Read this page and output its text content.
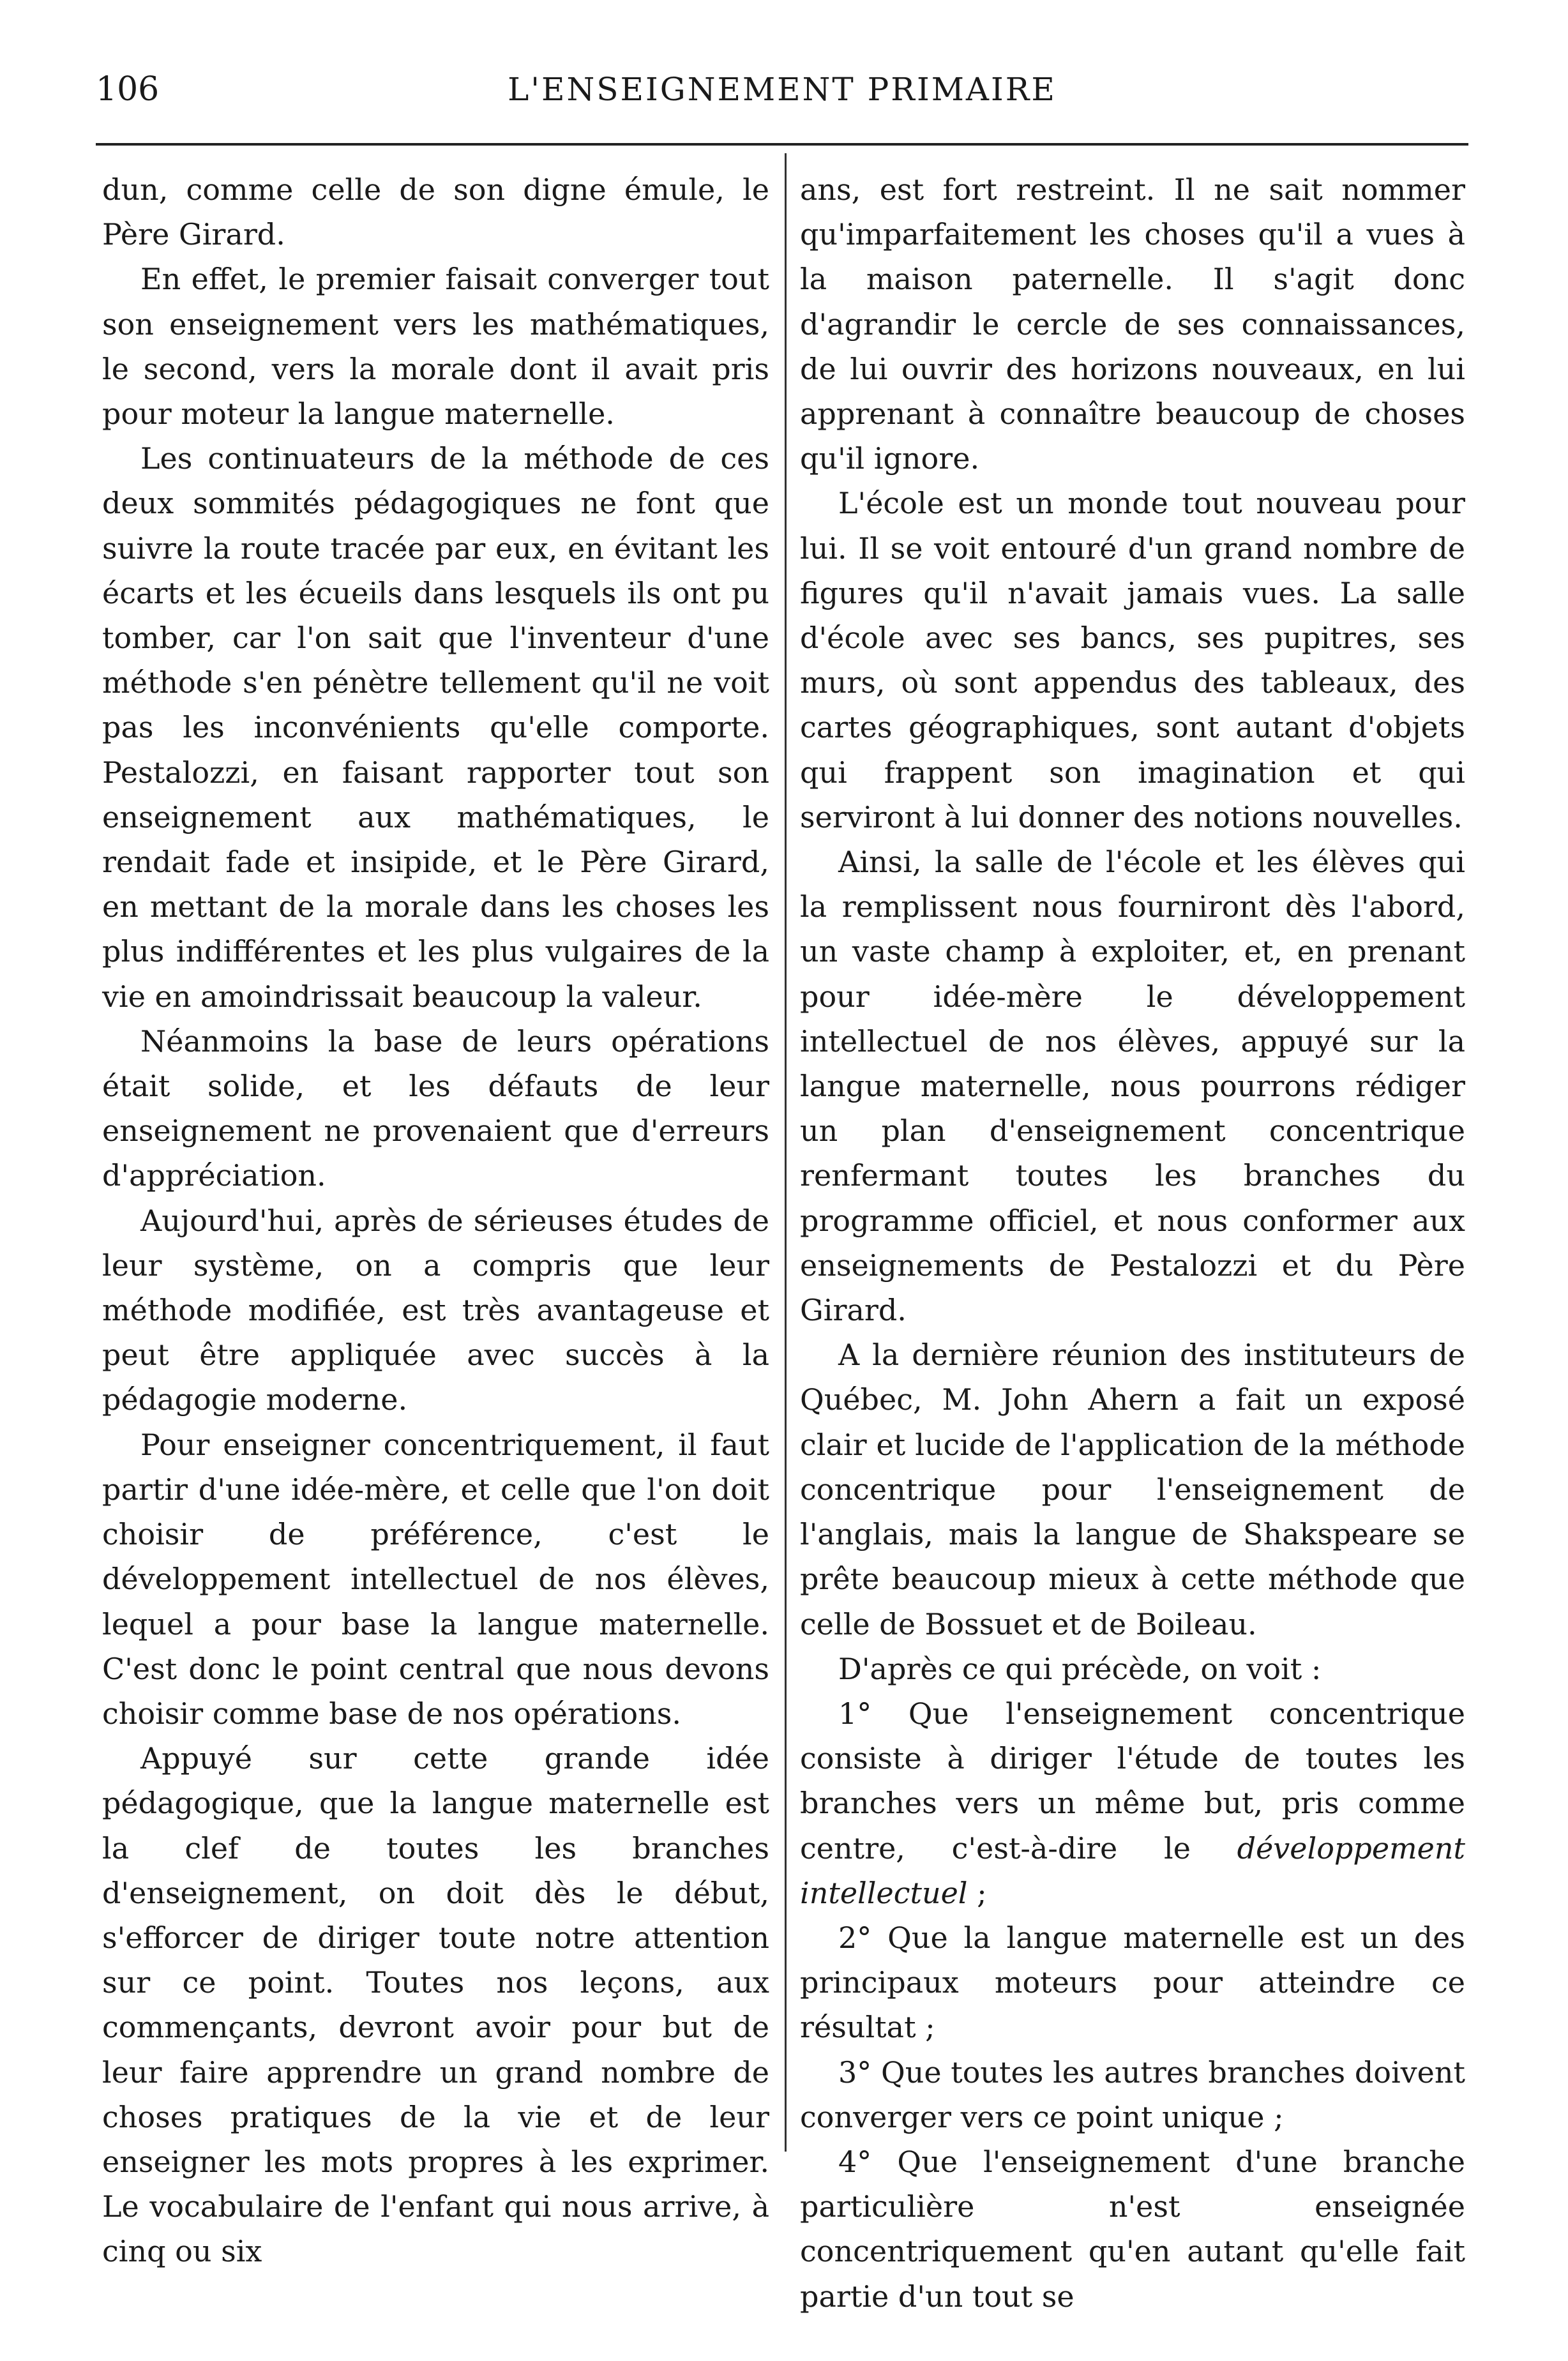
106	L'ENSEIGNEMENT PRIMAIRE

dun, comme celle de son digne émule, le Père Girard.

En effet, le premier faisait converger tout son enseignement vers les mathématiques, le second, vers la morale dont il avait pris pour moteur la langue maternelle.

Les continuateurs de la méthode de ces deux sommités pédagogiques ne font que suivre la route tracée par eux, en évitant les écarts et les écueils dans lesquels ils ont pu tomber, car l'on sait que l'inventeur d'une méthode s'en pénètre tellement qu'il ne voit pas les inconvénients qu'elle comporte. Pestalozzi, en faisant rapporter tout son enseignement aux mathématiques, le rendait fade et insipide, et le Père Girard, en mettant de la morale dans les choses les plus indifférentes et les plus vulgaires de la vie en amoindrissait beaucoup la valeur.

Néanmoins la base de leurs opérations était solide, et les défauts de leur enseignement ne provenaient que d'erreurs d'appréciation.

Aujourd'hui, après de sérieuses études de leur système, on a compris que leur méthode modifiée, est très avantageuse et peut être appliquée avec succès à la pédagogie moderne.

Pour enseigner concentriquement, il faut partir d'une idée-mère, et celle que l'on doit choisir de préférence, c'est le développement intellectuel de nos élèves, lequel a pour base la langue maternelle. C'est donc le point central que nous devons choisir comme base de nos opérations.

Appuyé sur cette grande idée pédagogique, que la langue maternelle est la clef de toutes les branches d'enseignement, on doit dès le début, s'efforcer de diriger toute notre attention sur ce point. Toutes nos leçons, aux commençants, devront avoir pour but de leur faire apprendre un grand nombre de choses pratiques de la vie et de leur enseigner les mots propres à les exprimer. Le vocabulaire de l'enfant qui nous arrive, à cinq ou six

ans, est fort restreint. Il ne sait nommer qu'imparfaitement les choses qu'il a vues à la maison paternelle. Il s'agit donc d'agrandir le cercle de ses connaissances, de lui ouvrir des horizons nouveaux, en lui apprenant à connaître beaucoup de choses qu'il ignore.

L'école est un monde tout nouveau pour lui. Il se voit entouré d'un grand nombre de figures qu'il n'avait jamais vues. La salle d'école avec ses bancs, ses pupitres, ses murs, où sont appendus des tableaux, des cartes géographiques, sont autant d'objets qui frappent son imagination et qui serviront à lui donner des notions nouvelles.

Ainsi, la salle de l'école et les élèves qui la remplissent nous fourniront dès l'abord, un vaste champ à exploiter, et, en prenant pour idée-mère le développement intellectuel de nos élèves, appuyé sur la langue maternelle, nous pourrons rédiger un plan d'enseignement concentrique renfermant toutes les branches du programme officiel, et nous conformer aux enseignements de Pestalozzi et du Père Girard.

A la dernière réunion des instituteurs de Québec, M. John Ahern a fait un exposé clair et lucide de l'application de la méthode concentrique pour l'enseignement de l'anglais, mais la langue de Shakspeare se prête beaucoup mieux à cette méthode que celle de Bossuet et de Boileau.

D'après ce qui précède, on voit :

1° Que l'enseignement concentrique consiste à diriger l'étude de toutes les branches vers un même but, pris comme centre, c'est-à-dire le développement intellectuel ;

2° Que la langue maternelle est un des principaux moteurs pour atteindre ce résultat ;

3° Que toutes les autres branches doivent converger vers ce point unique ;

4° Que l'enseignement d'une branche particulière n'est enseignée concentriquement qu'en autant qu'elle fait partie d'un tout se
